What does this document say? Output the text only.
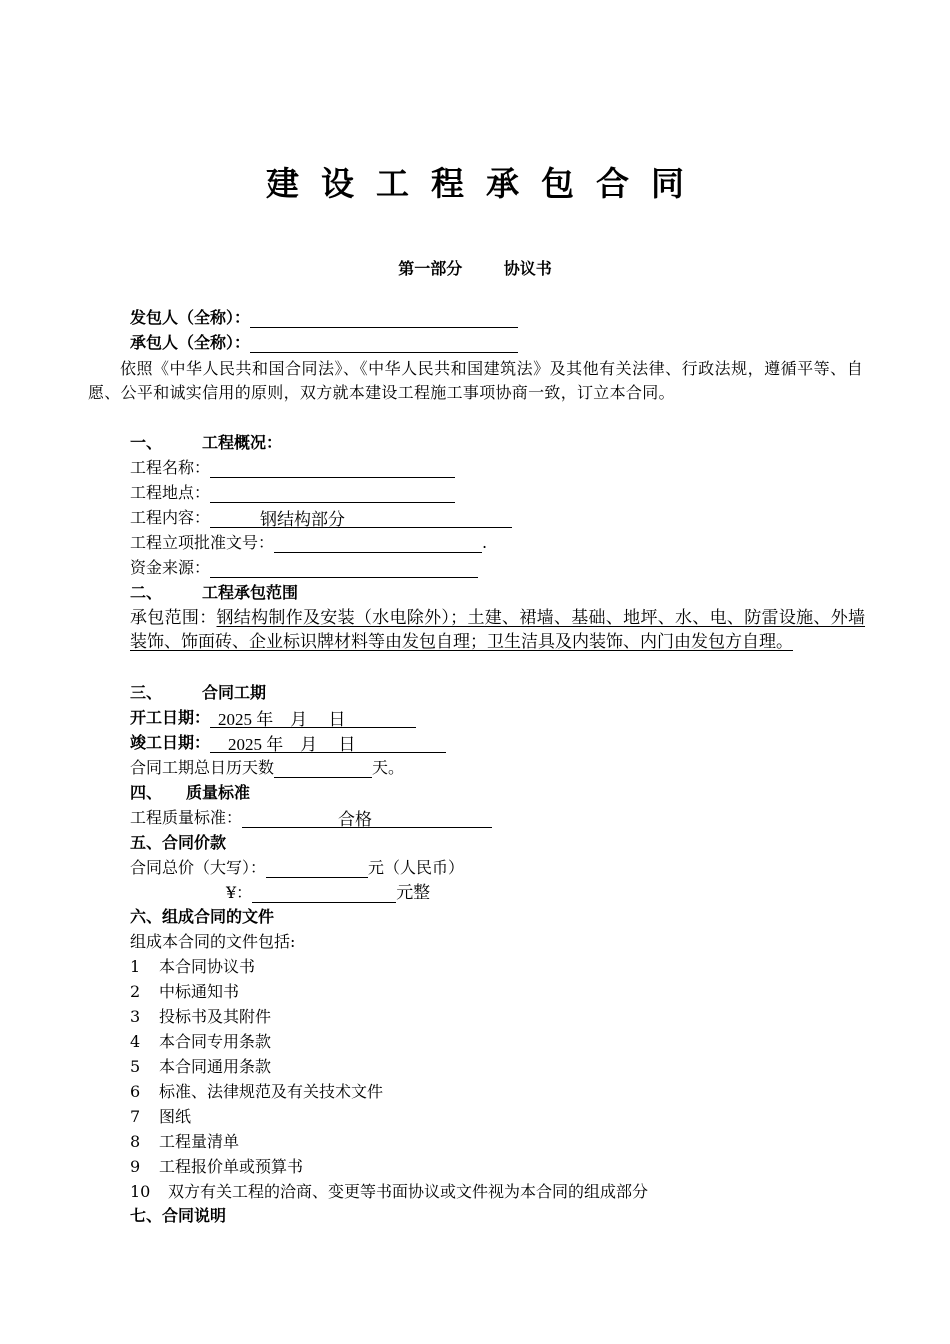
建设工程承包合同
第一部分　 协议书
发包人（全称）：
承包人（全称）：
依照《中华人民共和国合同法》、《中华人民共和国建筑法》及其他有关法律、行政法规，遵循平等、自愿、公平和诚实信用的原则，双方就本建设工程施工事项协商一致，订立本合同。
一、 工程概况：
工程名称：
工程地点：
工程内容：	钢结构部分
工程立项批准文号：	.
资金来源：
二、 工程承包范围
承包范围：钢结构制作及安装（水电除外）；土建、裙墙、基础、地坪、水、电、防雷设施、外墙装饰、饰面砖、企业标识牌材料等由发包自理；卫生洁具及内装饰、内门由发包方自理。
三、 合同工期
开工日期： 2025 年　月　 日
竣工日期： 2025 年　月　 日
合同工期总日历天数	天。
四、 质量标准
工程质量标准：	合格
五、合同价款
合同总价（大写）：	元（人民币）
¥：	元整
六、组成合同的文件
组成本合同的文件包括:
1 本合同协议书
2 中标通知书
3 投标书及其附件
4 本合同专用条款
5 本合同通用条款
6 标准、法律规范及有关技术文件
7 图纸
8 工程量清单
9 工程报价单或预算书
10 双方有关工程的洽商、变更等书面协议或文件视为本合同的组成部分
七、合同说明
